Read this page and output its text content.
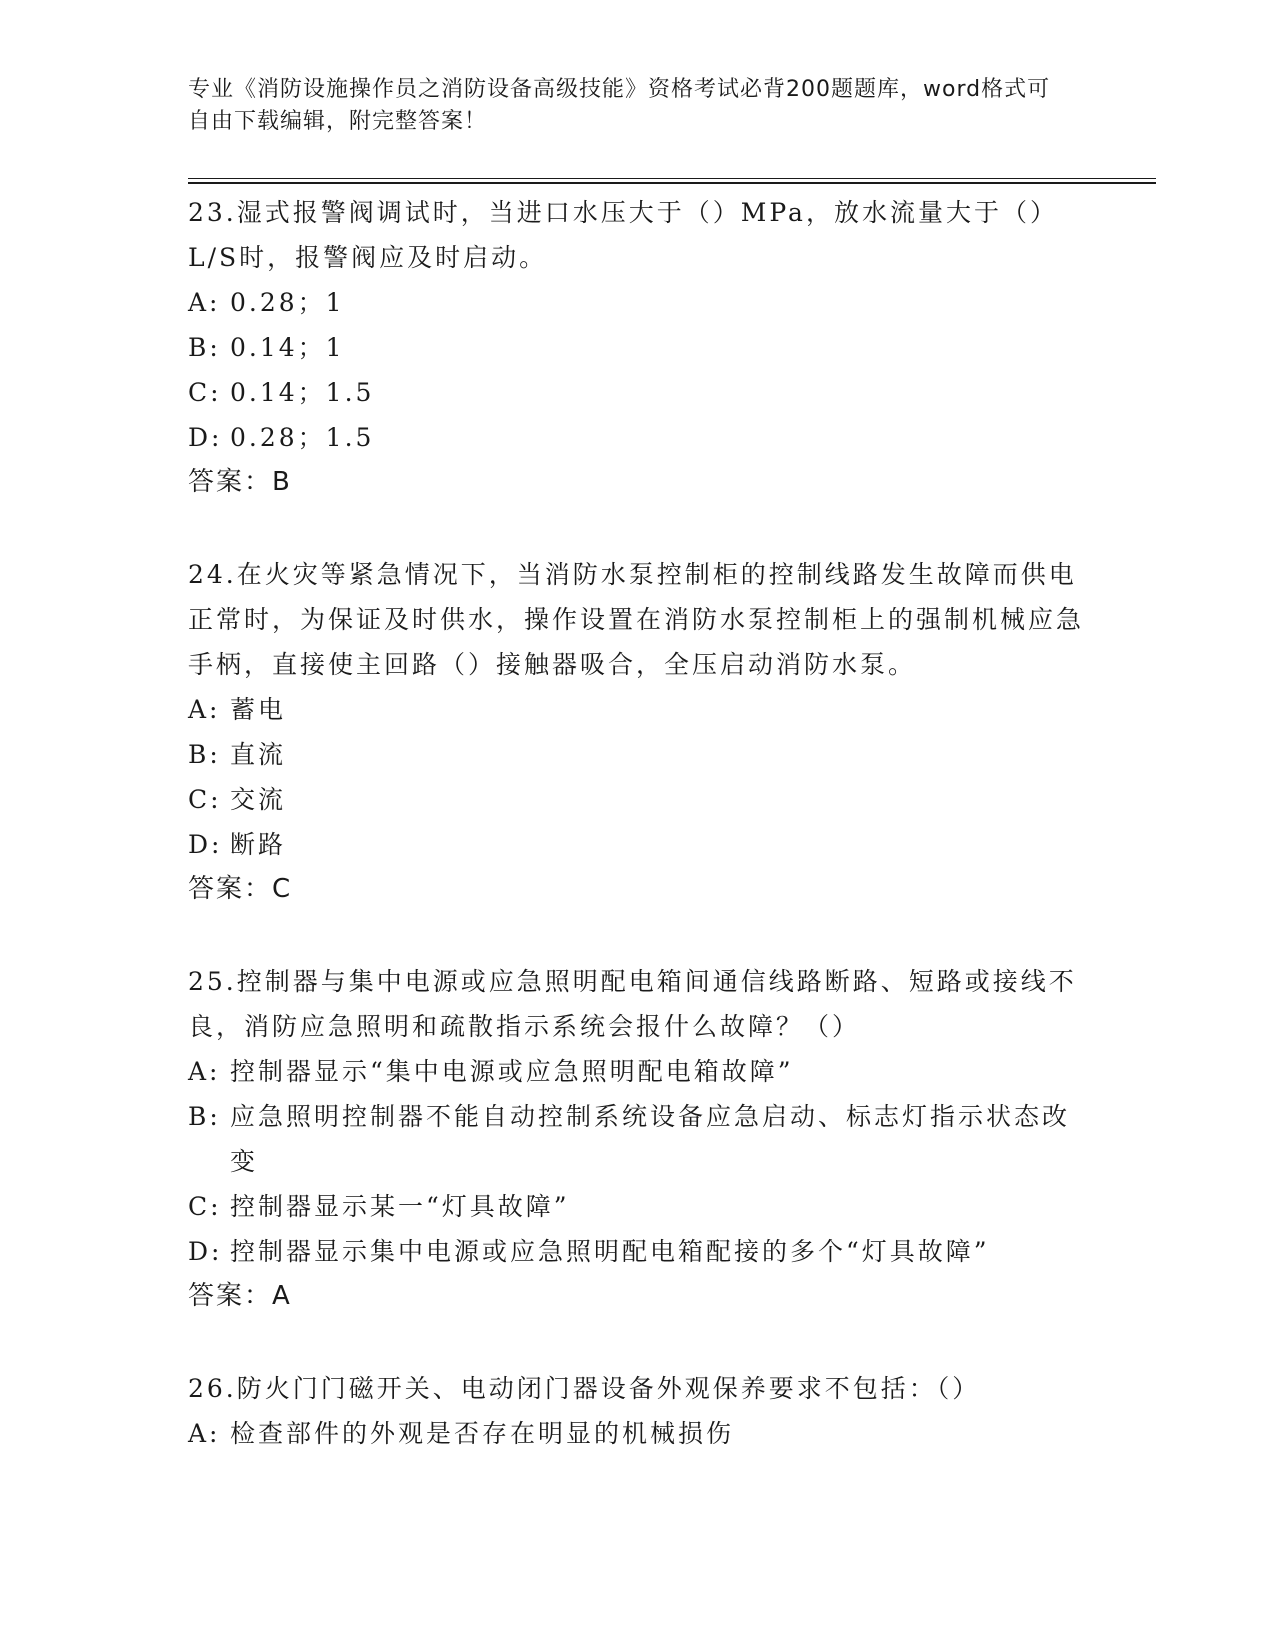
专业《消防设施操作员之消防设备高级技能》资格考试必背200题题库，word格式可自由下载编辑，附完整答案！

23.湿式报警阀调试时，当进口水压大于（）MPa，放水流量大于（）L/S时，报警阀应及时启动。

A: 0.28；1
B: 0.14；1
C: 0.14；1.5
D: 0.28；1.5

答案：B

24.在火灾等紧急情况下，当消防水泵控制柜的控制线路发生故障而供电正常时，为保证及时供水，操作设置在消防水泵控制柜上的强制机械应急手柄，直接使主回路（）接触器吸合，全压启动消防水泵。

A: 蓄电
B: 直流
C: 交流
D: 断路

答案：C

25.控制器与集中电源或应急照明配电箱间通信线路断路、短路或接线不良，消防应急照明和疏散指示系统会报什么故障？（）

A: 控制器显示“集中电源或应急照明配电箱故障”
B: 应急照明控制器不能自动控制系统设备应急启动、标志灯指示状态改变
C: 控制器显示某一“灯具故障”
D: 控制器显示集中电源或应急照明配电箱配接的多个“灯具故障”

答案：A

26.防火门门磁开关、电动闭门器设备外观保养要求不包括：（）

A: 检查部件的外观是否存在明显的机械损伤
